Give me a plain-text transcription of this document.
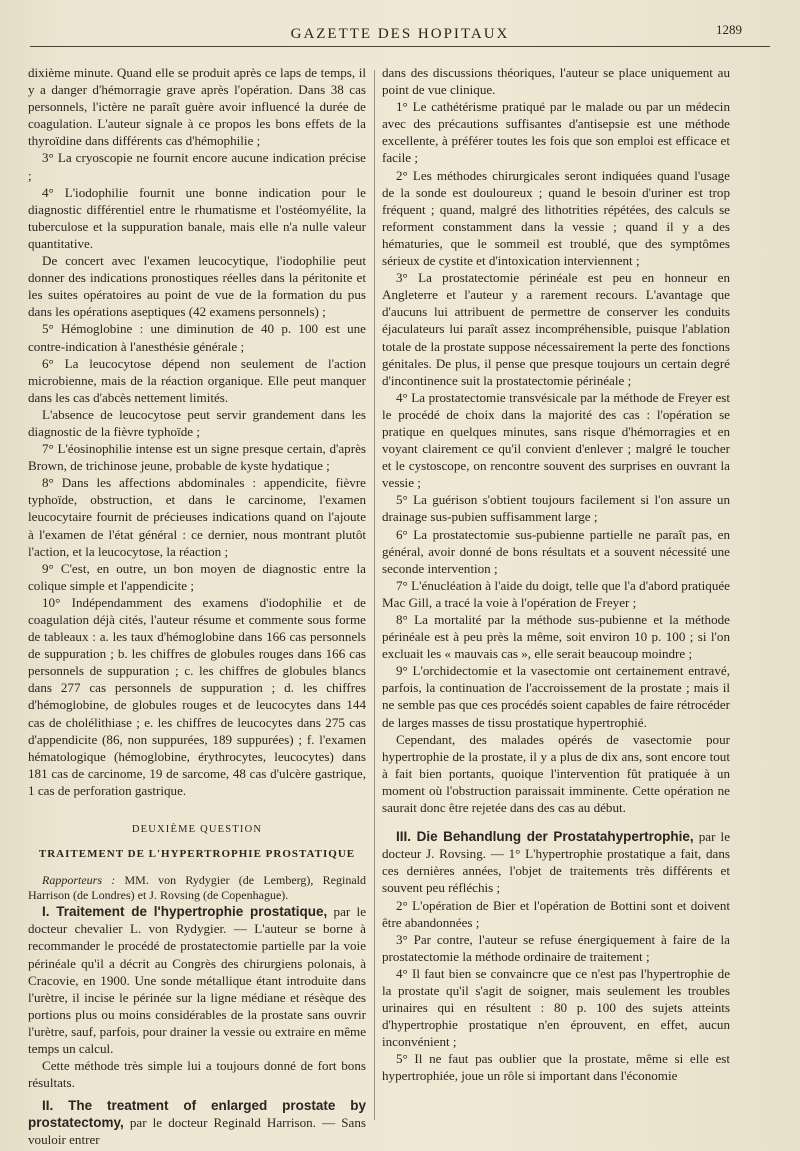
GAZETTE DES HOPITAUX	1289

dixième minute. Quand elle se produit après ce laps de temps, il y a danger d'hémorragie grave après l'opération. Dans 38 cas personnels, l'ictère ne paraît guère avoir influencé la durée de coagulation. L'auteur signale à ce propos les bons effets de la thyroïdine dans différents cas d'hémophilie ;

3° La cryoscopie ne fournit encore aucune indication précise ;

4° L'iodophilie fournit une bonne indication pour le diagnostic différentiel entre le rhumatisme et l'ostéomyélite, la tuberculose et la suppuration banale, mais elle n'a nulle valeur quantitative.

De concert avec l'examen leucocytique, l'iodophilie peut donner des indications pronostiques réelles dans la péritonite et les suites opératoires au point de vue de la formation du pus dans les opérations aseptiques (42 examens personnels) ;

5° Hémoglobine : une diminution de 40 p. 100 est une contre-indication à l'anesthésie générale ;

6° La leucocytose dépend non seulement de l'action microbienne, mais de la réaction organique. Elle peut manquer dans les cas d'abcès nettement limités.

L'absence de leucocytose peut servir grandement dans les diagnostic de la fièvre typhoïde ;

7° L'éosinophilie intense est un signe presque certain, d'après Brown, de trichinose jeune, probable de kyste hydatique ;

8° Dans les affections abdominales : appendicite, fièvre typhoïde, obstruction, et dans le carcinome, l'examen leucocytaire fournit de précieuses indications quand on l'ajoute à l'examen de l'état général : ce dernier, nous montrant plutôt l'action, et la leucocytose, la réaction ;

9° C'est, en outre, un bon moyen de diagnostic entre la colique simple et l'appendicite ;

10° Indépendamment des examens d'iodophilie et de coagulation déjà cités, l'auteur résume et commente sous forme de tableaux : a. les taux d'hémoglobine dans 166 cas personnels de suppuration ; b. les chiffres de globules rouges dans 166 cas personnels de suppuration ; c. les chiffres de globules blancs dans 277 cas personnels de suppuration ; d. les chiffres d'hémoglobine, de globules rouges et de leucocytes dans 144 cas de cholélithiase ; e. les chiffres de leucocytes dans 275 cas d'appendicite (86, non suppurées, 189 suppurées) ; f. l'examen hématologique (hémoglobine, érythrocytes, leucocytes) dans 181 cas de carcinome, 19 de sarcome, 48 cas d'ulcère gastrique, 1 cas de perforation gastrique.

DEUXIÈME QUESTION
TRAITEMENT DE L'HYPERTROPHIE PROSTATIQUE

Rapporteurs : MM. von Rydygier (de Lemberg), Reginald Harrison (de Londres) et J. Rovsing (de Copenhague).

I. Traitement de l'hypertrophie prostatique, par le docteur chevalier L. von Rydygier. — L'auteur se borne à recommander le procédé de prostatectomie partielle par la voie périnéale qu'il a décrit au Congrès des chirurgiens polonais, à Cracovie, en 1900. Une sonde métallique étant introduite dans l'urètre, il incise le périnée sur la ligne médiane et résèque des portions plus ou moins considérables de la prostate sans ouvrir l'urètre, sauf, parfois, pour drainer la vessie ou extraire en même temps un calcul.

Cette méthode très simple lui a toujours donné de fort bons résultats.

II. The treatment of enlarged prostate by prostatectomy, par le docteur Reginald Harrison. — Sans vouloir entrer

dans des discussions théoriques, l'auteur se place uniquement au point de vue clinique.

1° Le cathétérisme pratiqué par le malade ou par un médecin avec des précautions suffisantes d'antisepsie est une méthode excellente, à préférer toutes les fois que son emploi est efficace et facile ;

2° Les méthodes chirurgicales seront indiquées quand l'usage de la sonde est douloureux ; quand le besoin d'uriner est trop fréquent ; quand, malgré des lithotrities répétées, des calculs se reforment constamment dans la vessie ; quand il y a des hématuries, que le sommeil est troublé, que des symptômes sérieux de cystite et d'intoxication interviennent ;

3° La prostatectomie périnéale est peu en honneur en Angleterre et l'auteur y a rarement recours. L'avantage que d'aucuns lui attribuent de permettre de conserver les conduits éjaculateurs lui paraît assez incompréhensible, puisque l'ablation totale de la prostate suppose nécessairement la perte des fonctions génitales. De plus, il pense que presque toujours un certain degré d'incontinence suit la prostatectomie périnéale ;

4° La prostatectomie transvésicale par la méthode de Freyer est le procédé de choix dans la majorité des cas : l'opération se pratique en quelques minutes, sans risque d'hémorragies et en voyant clairement ce qu'il convient d'enlever ; malgré le toucher et le cystoscope, on rencontre souvent des surprises en ouvrant la vessie ;

5° La guérison s'obtient toujours facilement si l'on assure un drainage sus-pubien suffisamment large ;

6° La prostatectomie sus-pubienne partielle ne paraît pas, en général, avoir donné de bons résultats et a souvent nécessité une seconde intervention ;

7° L'énucléation à l'aide du doigt, telle que l'a d'abord pratiquée Mac Gill, a tracé la voie à l'opération de Freyer ;

8° La mortalité par la méthode sus-pubienne et la méthode périnéale est à peu près la même, soit environ 10 p. 100 ; si l'on excluait les « mauvais cas », elle serait beaucoup moindre ;

9° L'orchidectomie et la vasectomie ont certainement entravé, parfois, la continuation de l'accroissement de la prostate ; mais il ne semble pas que ces procédés soient capables de faire rétrocéder de larges masses de tissu prostatique hypertrophié.

Cependant, des malades opérés de vasectomie pour hypertrophie de la prostate, il y a plus de dix ans, sont encore tout à fait bien portants, quoique l'intervention fût pratiquée à un moment où l'obstruction paraissait imminente. Cette opération ne saurait donc être rejetée dans des cas au début.

III. Die Behandlung der Prostatahypertrophie, par le docteur J. Rovsing. — 1° L'hypertrophie prostatique a fait, dans ces dernières années, l'objet de traitements très différents et souvent peu réfléchis ;

2° L'opération de Bier et l'opération de Bottini sont et doivent être abandonnées ;

3° Par contre, l'auteur se refuse énergiquement à faire de la prostatectomie la méthode ordinaire de traitement ;

4° Il faut bien se convaincre que ce n'est pas l'hypertrophie de la prostate qu'il s'agit de soigner, mais seulement les troubles urinaires qui en résultent : 80 p. 100 des sujets atteints d'hypertrophie prostatique n'en éprouvent, en effet, aucun inconvénient ;

5° Il ne faut pas oublier que la prostate, même si elle est hypertrophiée, joue un rôle si important dans l'économie
